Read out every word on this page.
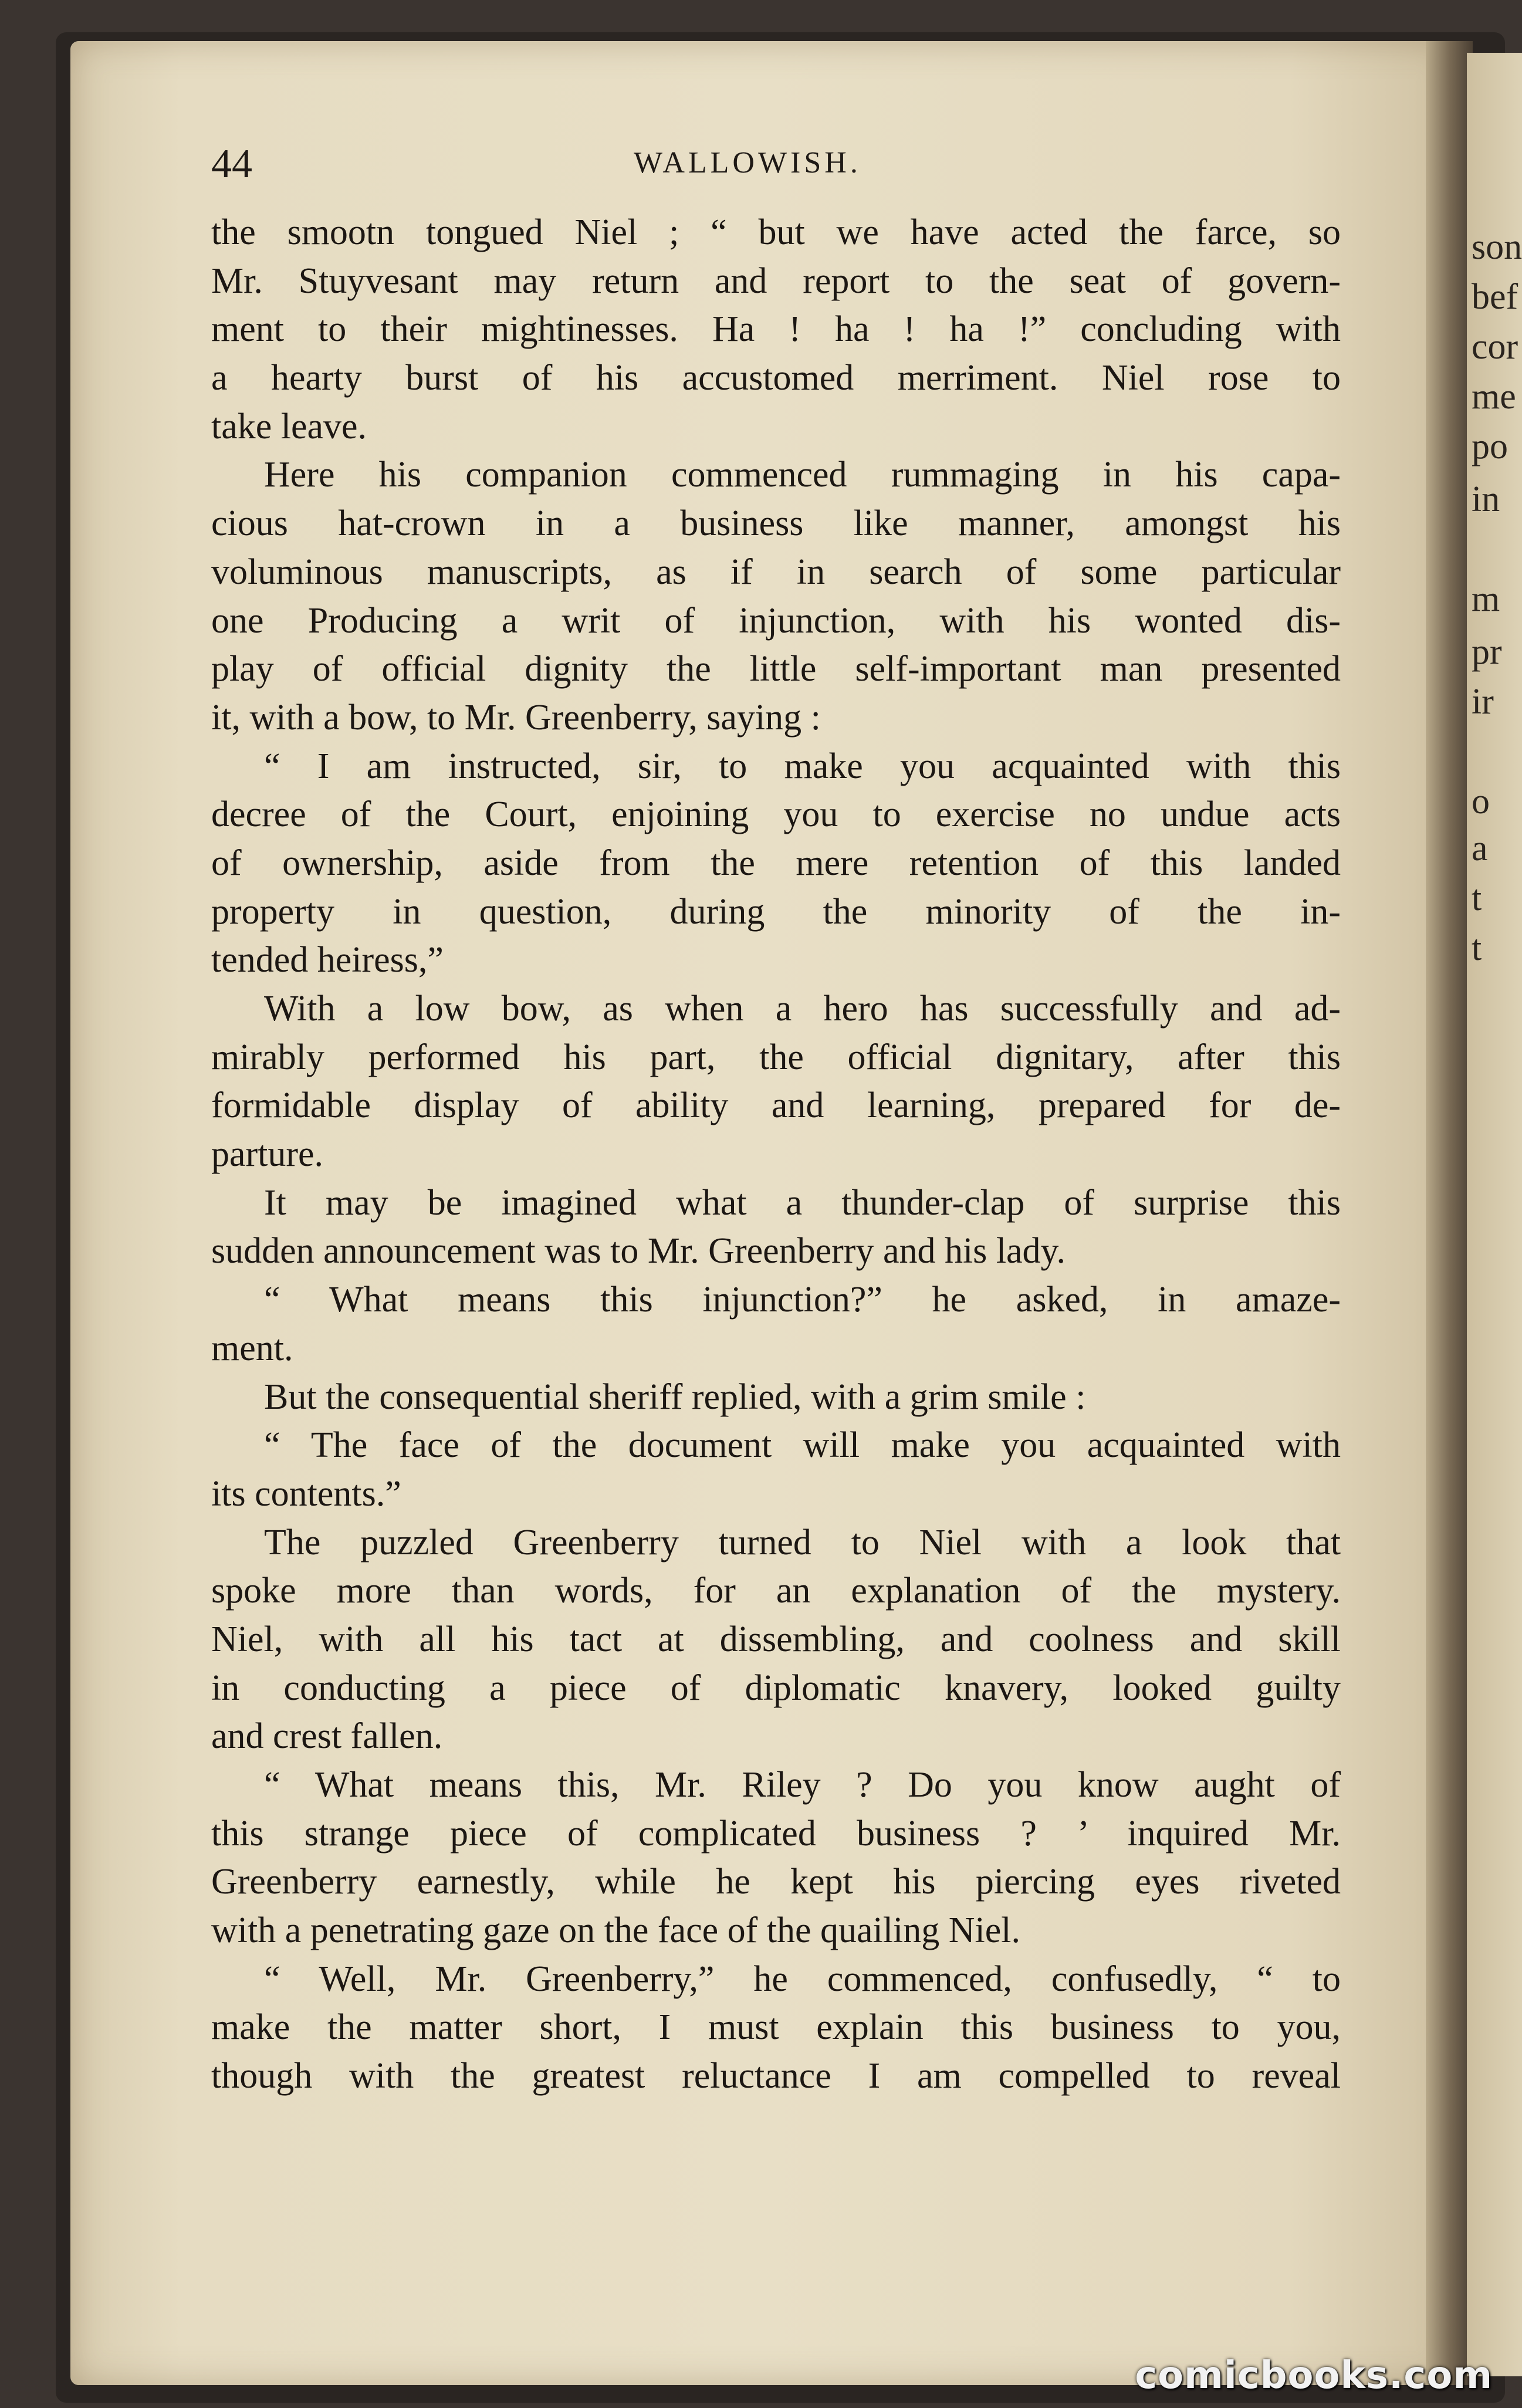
son
bef
cor
me
po
in
m
pr
ir
o
a
t
t
44	WALLOWISH.
the smootn tongued Niel ; “ but we have acted the farce, so
Mr. Stuyvesant may return and report to the seat of govern-
ment to their mightinesses. Ha ! ha ! ha !” concluding with
a hearty burst of his accustomed merriment. Niel rose to
take leave.
Here his companion commenced rummaging in his capa-
cious hat-crown in a business like manner, amongst his
voluminous manuscripts, as if in search of some particular
one Producing a writ of injunction, with his wonted dis-
play of official dignity the little self-important man presented
it, with a bow, to Mr. Greenberry, saying :
“ I am instructed, sir, to make you acquainted with this
decree of the Court, enjoining you to exercise no undue acts
of ownership, aside from the mere retention of this landed
property in question, during the minority of the in-
tended heiress,”
With a low bow, as when a hero has successfully and ad-
mirably performed his part, the official dignitary, after this
formidable display of ability and learning, prepared for de-
parture.
It may be imagined what a thunder-clap of surprise this
sudden announcement was to Mr. Greenberry and his lady.
“ What means this injunction?” he asked, in amaze-
ment.
But the consequential sheriff replied, with a grim smile :
“ The face of the document will make you acquainted with
its contents.”
The puzzled Greenberry turned to Niel with a look that
spoke more than words, for an explanation of the mystery.
Niel, with all his tact at dissembling, and coolness and skill
in conducting a piece of diplomatic knavery, looked guilty
and crest fallen.
“ What means this, Mr. Riley ? Do you know aught of
this strange piece of complicated business ? ’ inquired Mr.
Greenberry earnestly, while he kept his piercing eyes riveted
with a penetrating gaze on the face of the quailing Niel.
“ Well, Mr. Greenberry,” he commenced, confusedly, “ to
make the matter short, I must explain this business to you,
though with the greatest reluctance I am compelled to reveal
comicbooks.com
